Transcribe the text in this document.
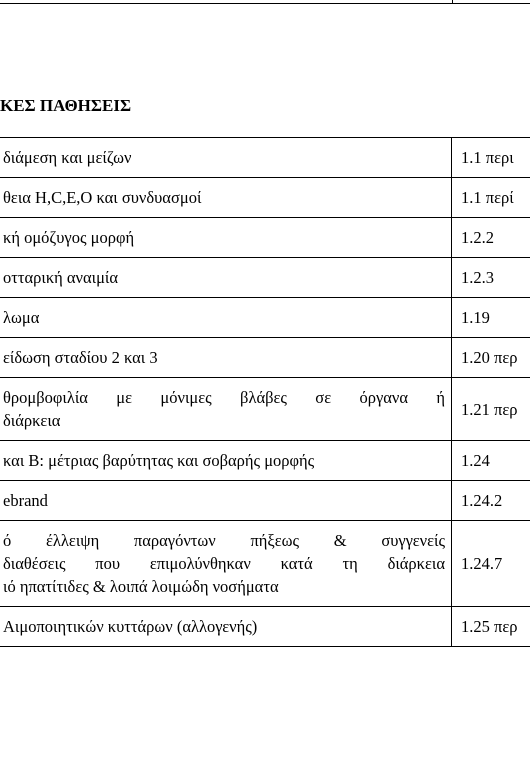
ΚΕΣ ΠΑΘΗΣΕΙΣ
διάμεση και μείζων	1.1 περι
θεια Η,C,E,O και συνδυασμοί	1.1 περί
κή ομόζυγος μορφή	1.2.2
οτταρική αναιμία	1.2.3
λωμα	1.19
είδωση σταδίου 2 και 3	1.20 περ

θρομβοφιλία με μόνιμες βλάβες σε όργανα ή
διάρκεια	1.21 περ
και Β: μέτριας βαρύτητας και σοβαρής μορφής	1.24
ebrand	1.24.2

ό έλλειψη παραγόντων πήξεως & συγγενείς
διαθέσεις που επιμολύνθηκαν κατά τη διάρκεια
ιό ηπατίτιδες & λοιπά λοιμώδη νοσήματα	1.24.7
Αιμοποιητικών κυττάρων (αλλογενής)	1.25 περ
